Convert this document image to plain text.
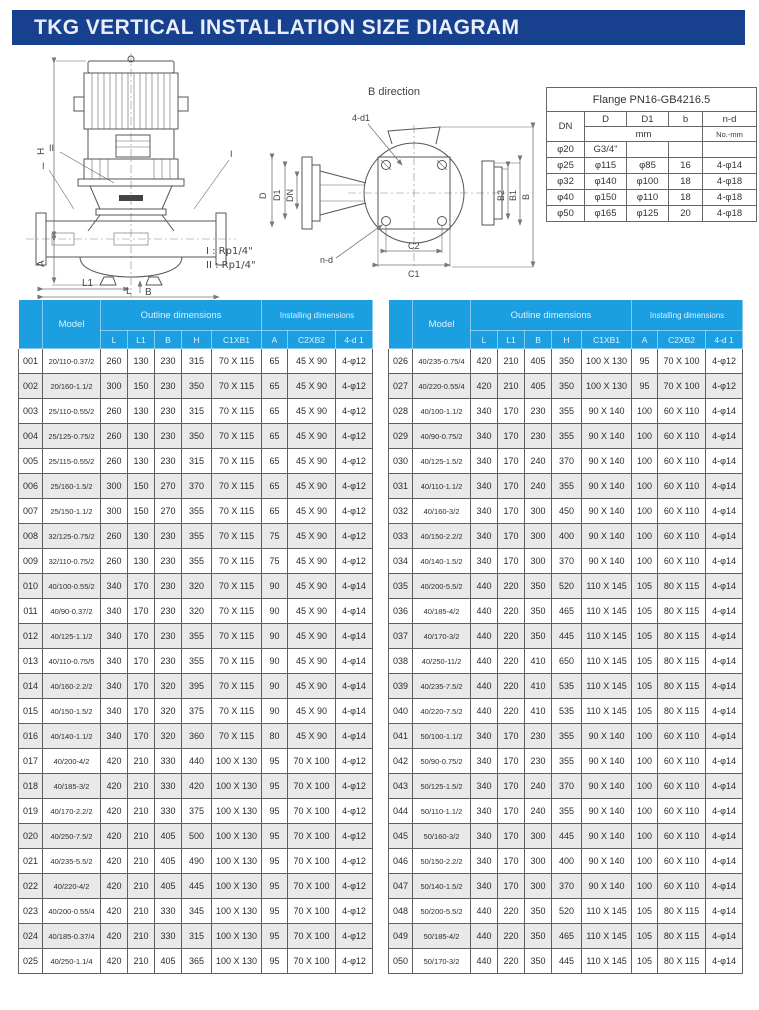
TKG VERTICAL INSTALLATION SIZE DIAGRAM
H
A
L1
L B
II
I
I
B direction
D D1 DN
4-d1
n-d
C2
C1
B2 B1 B
I : Rp1/4"
II : Rp1/4"
Flange PN16-GB4216.5				
DN	D	D1	b	n-d
	mm			No.-mm
φ20	G3/4"			
φ25	φ115	φ85	16	4-φ14
φ32	φ140	φ100	18	4-φ18
φ40	φ150	φ110	18	4-φ18
φ50	φ165	φ125	20	4-φ18
	Model	Outline dimensions					Installing dimensions		
		L	L1	B	H	C1XB1	A	C2XB2	4-d 1
001	20/110-0.37/2	260	130	230	315	70 X 115	65	45 X 90	4-φ12
002	20/160-1.1/2	300	150	230	350	70 X 115	65	45 X 90	4-φ12
003	25/110-0.55/2	260	130	230	315	70 X 115	65	45 X 90	4-φ12
004	25/125-0.75/2	260	130	230	350	70 X 115	65	45 X 90	4-φ12
005	25/115-0.55/2	260	130	230	315	70 X 115	65	45 X 90	4-φ12
006	25/160-1.5/2	300	150	270	370	70 X 115	65	45 X 90	4-φ12
007	25/150-1.1/2	300	150	270	355	70 X 115	65	45 X 90	4-φ12
008	32/125-0.75/2	260	130	230	355	70 X 115	75	45 X 90	4-φ12
009	32/110-0.75/2	260	130	230	355	70 X 115	75	45 X 90	4-φ12
010	40/100-0.55/2	340	170	230	320	70 X 115	90	45 X 90	4-φ14
011	40/90-0.37/2	340	170	230	320	70 X 115	90	45 X 90	4-φ14
012	40/125-1.1/2	340	170	230	355	70 X 115	90	45 X 90	4-φ14
013	40/110-0.75/5	340	170	230	355	70 X 115	90	45 X 90	4-φ14
014	40/160-2.2/2	340	170	320	395	70 X 115	90	45 X 90	4-φ14
015	40/150-1.5/2	340	170	320	375	70 X 115	90	45 X 90	4-φ14
016	40/140-1.1/2	340	170	320	360	70 X 115	80	45 X 90	4-φ14
017	40/200-4/2	420	210	330	440	100 X 130	95	70 X 100	4-φ12
018	40/185-3/2	420	210	330	420	100 X 130	95	70 X 100	4-φ12
019	40/170-2.2/2	420	210	330	375	100 X 130	95	70 X 100	4-φ12
020	40/250-7.5/2	420	210	405	500	100 X 130	95	70 X 100	4-φ12
021	40/235-5.5/2	420	210	405	490	100 X 130	95	70 X 100	4-φ12
022	40/220-4/2	420	210	405	445	100 X 130	95	70 X 100	4-φ12
023	40/200-0.55/4	420	210	330	345	100 X 130	95	70 X 100	4-φ12
024	40/185-0.37/4	420	210	330	315	100 X 130	95	70 X 100	4-φ12
025	40/250-1.1/4	420	210	405	365	100 X 130	95	70 X 100	4-φ12
	Model	Outline dimensions					Installing dimensions		
		L	L1	B	H	C1XB1	A	C2XB2	4-d 1
026	40/235-0.75/4	420	210	405	350	100 X 130	95	70 X 100	4-φ12
027	40/220-0.55/4	420	210	405	350	100 X 130	95	70 X 100	4-φ12
028	40/100-1.1/2	340	170	230	355	90 X 140	100	60 X 110	4-φ14
029	40/90-0.75/2	340	170	230	355	90 X 140	100	60 X 110	4-φ14
030	40/125-1.5/2	340	170	240	370	90 X 140	100	60 X 110	4-φ14
031	40/110-1.1/2	340	170	240	355	90 X 140	100	60 X 110	4-φ14
032	40/160-3/2	340	170	300	450	90 X 140	100	60 X 110	4-φ14
033	40/150-2.2/2	340	170	300	400	90 X 140	100	60 X 110	4-φ14
034	40/140-1.5/2	340	170	300	370	90 X 140	100	60 X 110	4-φ14
035	40/200-5.5/2	440	220	350	520	110 X 145	105	80 X 115	4-φ14
036	40/185-4/2	440	220	350	465	110 X 145	105	80 X 115	4-φ14
037	40/170-3/2	440	220	350	445	110 X 145	105	80 X 115	4-φ14
038	40/250-11/2	440	220	410	650	110 X 145	105	80 X 115	4-φ14
039	40/235-7.5/2	440	220	410	535	110 X 145	105	80 X 115	4-φ14
040	40/220-7.5/2	440	220	410	535	110 X 145	105	80 X 115	4-φ14
041	50/100-1.1/2	340	170	230	355	90 X 140	100	60 X 110	4-φ14
042	50/90-0.75/2	340	170	230	355	90 X 140	100	60 X 110	4-φ14
043	50/125-1.5/2	340	170	240	370	90 X 140	100	60 X 110	4-φ14
044	50/110-1.1/2	340	170	240	355	90 X 140	100	60 X 110	4-φ14
045	50/160-3/2	340	170	300	445	90 X 140	100	60 X 110	4-φ14
046	50/150-2.2/2	340	170	300	400	90 X 140	100	60 X 110	4-φ14
047	50/140-1.5/2	340	170	300	370	90 X 140	100	60 X 110	4-φ14
048	50/200-5.5/2	440	220	350	520	110 X 145	105	80 X 115	4-φ14
049	50/185-4/2	440	220	350	465	110 X 145	105	80 X 115	4-φ14
050	50/170-3/2	440	220	350	445	110 X 145	105	80 X 115	4-φ14
